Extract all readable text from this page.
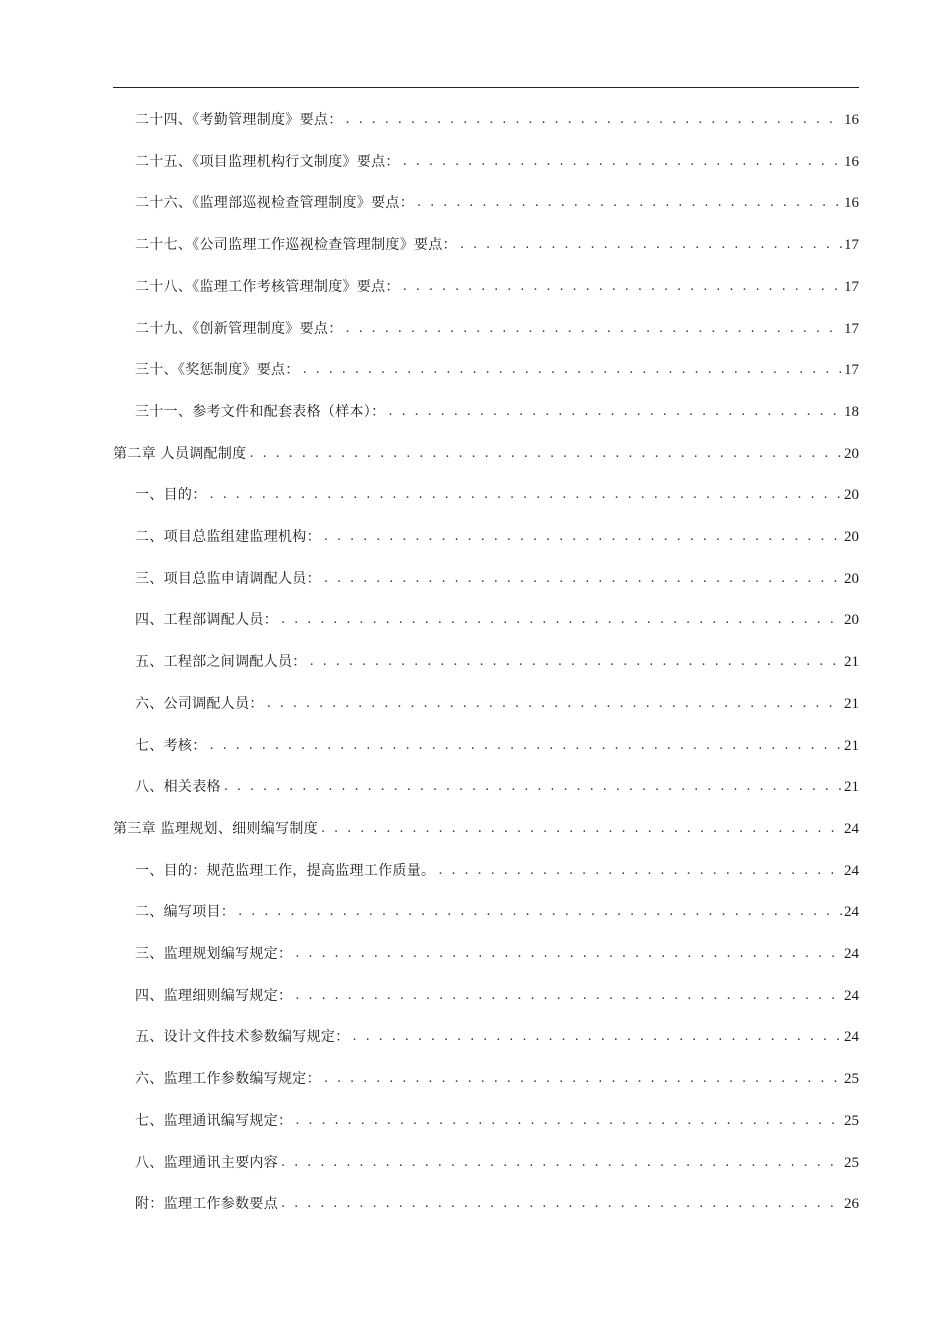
二十四、《考勤管理制度》要点： . . .	16
二十五、《项目监理机构行文制度》要点： . . .	16
二十六、《监理部巡视检查管理制度》要点： . . .	16
二十七、《公司监理工作巡视检查管理制度》要点： . . .	17
二十八、《监理工作考核管理制度》要点： . . .	17
二十九、《创新管理制度》要点： . . .	17
三十、《奖惩制度》要点： . . .	17
三十一、参考文件和配套表格（样本）： . . .	18
第二章 人员调配制度 . . .	20
一、目的： . . .	20
二、项目总监组建监理机构： . . .	20
三、项目总监申请调配人员： . . .	20
四、工程部调配人员： . . .	20
五、工程部之间调配人员： . . .	21
六、公司调配人员： . . .	21
七、考核： . . .	21
八、相关表格 . . .	21
第三章 监理规划、细则编写制度 . . .	24
一、目的：规范监理工作，提高监理工作质量。 . . .	24
二、编写项目： . . .	24
三、监理规划编写规定： . . .	24
四、监理细则编写规定： . . .	24
五、设计文件技术参数编写规定： . . .	24
六、监理工作参数编写规定： . . .	25
七、监理通讯编写规定： . . .	25
八、监理通讯主要内容 . . .	25
附：监理工作参数要点 . . .	26
